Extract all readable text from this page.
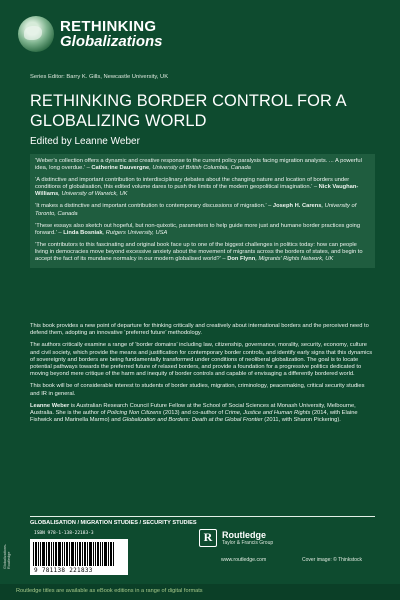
RETHINKING
Globalizations
Series Editor: Barry K. Gills, Newcastle University, UK
RETHINKING BORDER CONTROL FOR A GLOBALIZING WORLD
Edited by Leanne Weber

‘Weber’s collection offers a dynamic and creative response to the current policy paralysis facing migration analysts. ... A powerful idea, long overdue.’ – Catherine Dauvergne, University of British Columbia, Canada

‘A distinctive and important contribution to interdisciplinary debates about the changing nature and location of borders under conditions of globalisation, this edited volume dares to push the limits of the modern geopolitical imagination.’ – Nick Vaughan-Williams, University of Warwick, UK

‘It makes a distinctive and important contribution to contemporary discussions of migration.’ – Joseph H. Carens, University of Toronto, Canada

‘These essays also sketch out hopeful, but non-quixotic, parameters to help guide more just and humane border practices going forward.’ – Linda Bosniak, Rutgers University, USA

‘The contributors to this fascinating and original book face up to one of the biggest challenges in politics today: how can people living in democracies move beyond excessive anxiety about the movement of migrants across the borders of states, and begin to accept the fact of its mundane normalcy in our modern globalised world?’ – Don Flynn, Migrants’ Rights Network, UK

This book provides a new point of departure for thinking critically and creatively about international borders and the perceived need to defend them, adopting an innovative ‘preferred future’ methodology.

The authors critically examine a range of ‘border domains’ including law, citizenship, governance, morality, security, economy, culture and civil society, which provide the means and justification for contemporary border controls, and identify early signs that this dynamics of sovereignty and borders are being fundamentally transformed under conditions of neoliberal globalization. The goal is to locate potential pathways towards the preferred future of relaxed borders, and provide a foundation for a progressive politics dedicated to moving beyond mere critique of the harm and inequity of border controls and capable of envisaging a differently bordered world.

This book will be of considerable interest to students of border studies, migration, criminology, peacemaking, critical security studies and IR in general.

Leanne Weber is Australian Research Council Future Fellow at the School of Social Sciences at Monash University, Melbourne, Australia. She is the author of Policing Non Citizens (2013) and co-author of Crime, Justice and Human Rights (2014, with Elaine Fishwick and Marinella Marmo) and Globalization and Borders: Death at the Global Frontier (2011, with Sharon Pickering).

GLOBALISATION / MIGRATION STUDIES / SECURITY STUDIES
ISBN 978-1-138-22183-3
9 781138 221833
Globalizations-Routledge
R	Routledge
Taylor & Francis Group
www.routledge.com	Cover image: © Thinkstock
Routledge titles are available as eBook editions in a range of digital formats
